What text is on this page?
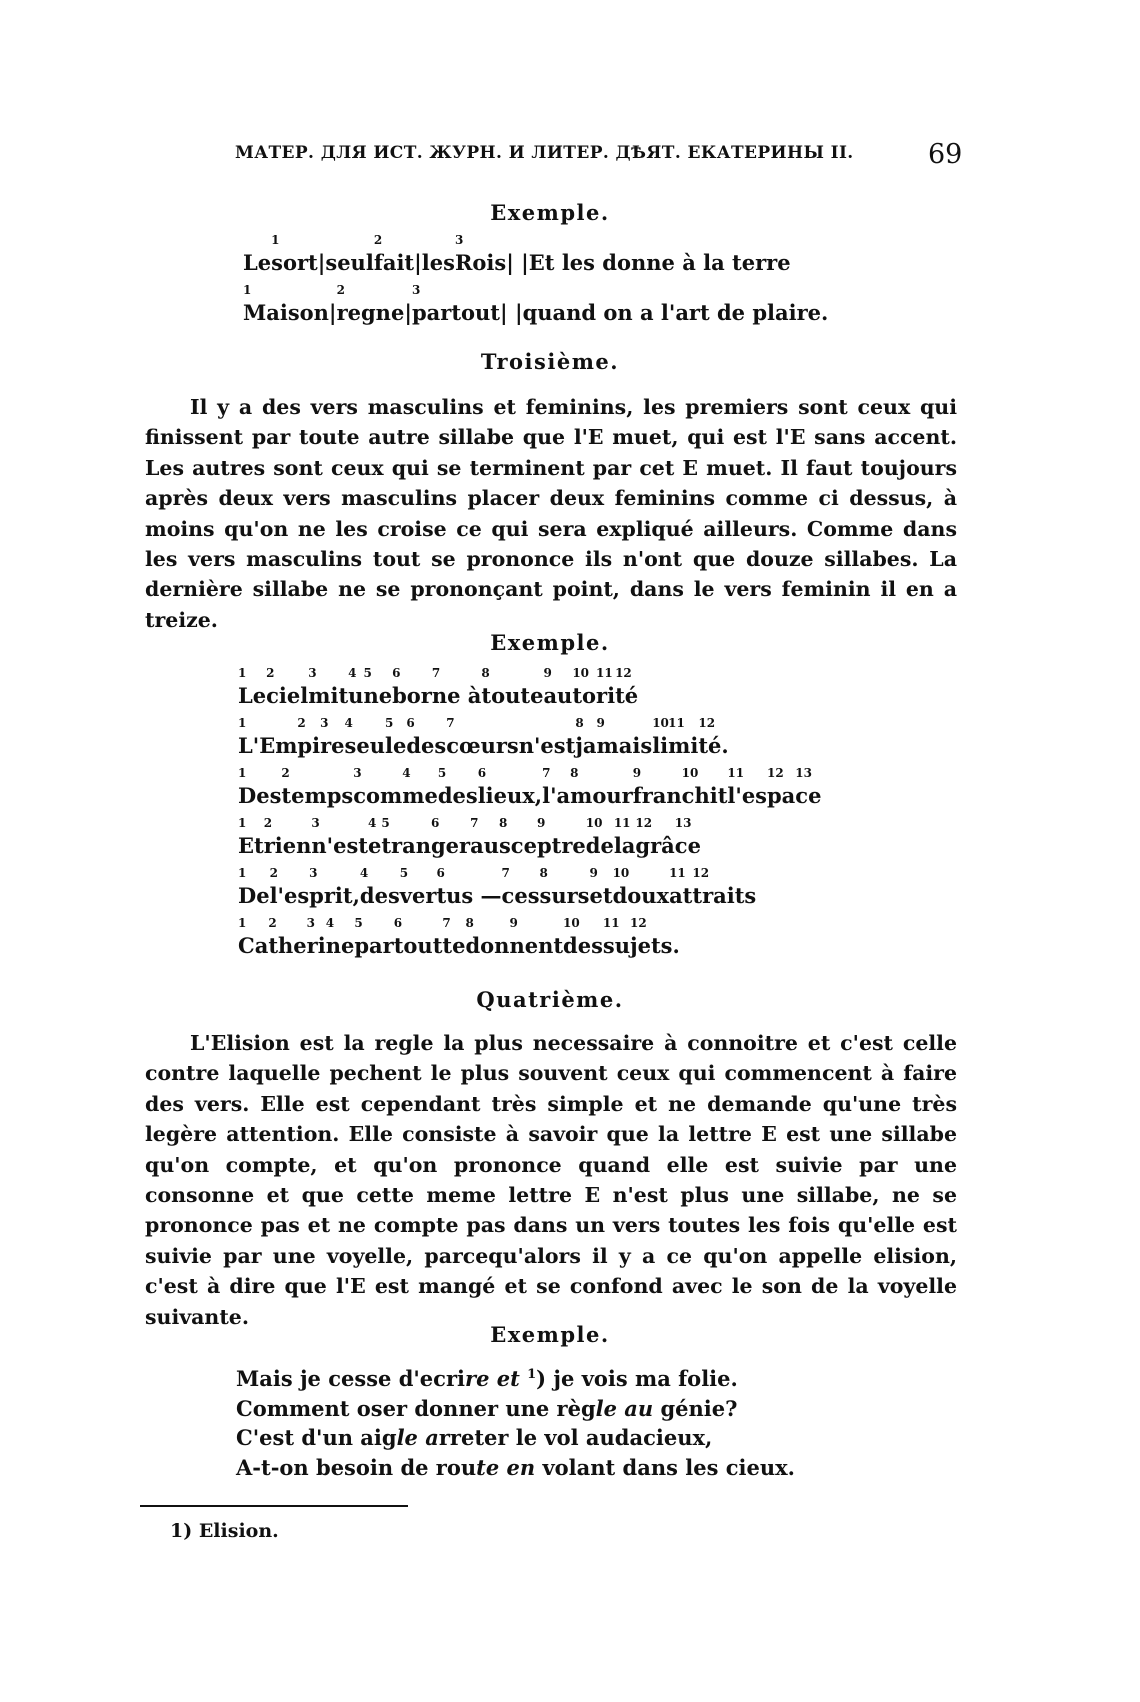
МАТЕР. ДЛЯ ИСТ. ЖУРН. И ЛИТЕР. ДѢЯТ. ЕКАТЕРИНЫ II.	69
Exemple.
Lesort|
1
seulfait|
2
lesRois| |Et les donne à la terre
3
Mais
1
on|regne|
2
partout| |quand on a l'art de plaire.
3
Troisième.
Il y a des vers masculins et feminins, les premiers sont ceux qui finissent par toute autre sillabe que l'E muet, qui est l'E sans accent. Les autres sont ceux qui se terminent par cet E muet. Il faut toujours après deux vers masculins placer deux feminins comme ci dessus, à moins qu'on ne les croise ce qui sera expliqué ailleurs. Comme dans les vers masculins tout se prononce ils n'ont que douze sillabes. La dernière sillabe ne se prononçant point, dans le vers feminin il en a treize.
Exemple.
Le
1
ciel
2
mit
3
u
4
ne
5
bor
6
ne à
7
tou
8
teau
9
to
10
ri
11
té
12
L'Em
1
pi
2
re
3
seu
4
le
5
des
6
cœurs
7
n'estja
8
mais
9
li
10
mi
11
té.
12
Des
1
temps
2
com
3
me
4
des
5
lieux,
6
l'a
7
mour
8
fran
9
chit
10
l'es
11
pa
12
ce
13
Et
1
rien
2
n'est
3
e
4
tran
5
ger
6
au
7
sce
8
ptre
9
de
10
la
11
grâ
12
ce
13
De
1
l'es
2
prit,
3
des
4
ver
5
tus —
6
ces
7
surs
8
et
9
doux
10
at
11
traits
12
Ca
1
the
2
ri
3
ne
4
par
5
tout
6
te
7
don
8
nent
9
des
10
su
11
jets.
12
Quatrième.
L'Elision est la regle la plus necessaire à connoitre et c'est celle contre laquelle pechent le plus souvent ceux qui commencent à faire des vers. Elle est cependant très simple et ne demande qu'une très legère attention. Elle consiste à savoir que la lettre E est une sillabe qu'on compte, et qu'on prononce quand elle est suivie par une consonne et que cette meme lettre E n'est plus une sillabe, ne se prononce pas et ne compte pas dans un vers toutes les fois qu'elle est suivie par une voyelle, parcequ'alors il y a ce qu'on appelle elision, c'est à dire que l'E est mangé et se confond avec le son de la voyelle suivante.
Exemple.
Mais je cesse d'ecrire et $^1$) je vois ma folie.
Comment oser donner une règle au génie?
C'est d'un aigle arreter le vol audacieux,
A-t-on besoin de route en volant dans les cieux.
1) Elision.
